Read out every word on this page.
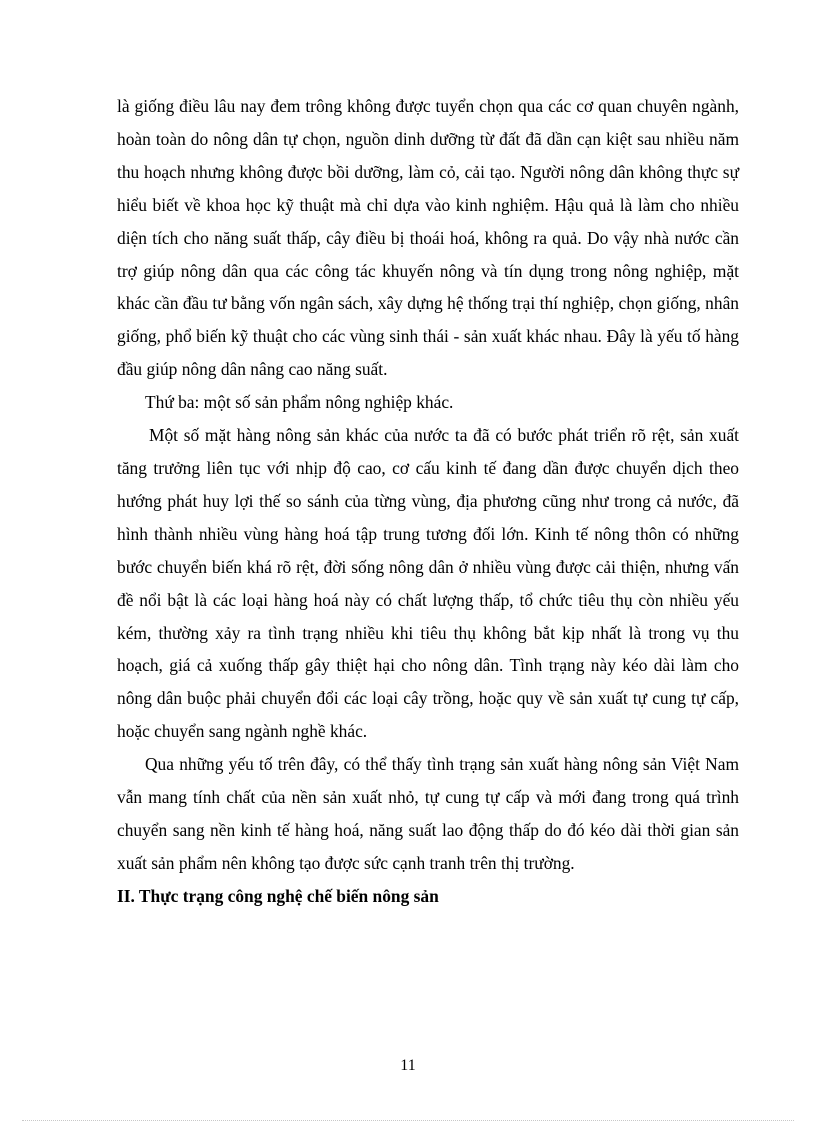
là giống điều lâu nay đem trông không được tuyển chọn qua các cơ quan chuyên ngành, hoàn toàn do nông dân tự chọn, nguồn dinh dưỡng từ đất đã dần cạn kiệt sau nhiều năm thu hoạch nhưng không được bồi dưỡng, làm cỏ, cải tạo. Người nông dân không thực sự hiểu biết về khoa học kỹ thuật mà chỉ dựa vào kinh nghiệm. Hậu quả là làm cho nhiều diện tích cho năng suất thấp, cây điều bị thoái hoá, không ra quả. Do vậy nhà nước cần trợ giúp nông dân qua các công tác khuyến nông và tín dụng trong nông nghiệp, mặt khác cần đầu tư bằng vốn ngân sách, xây dựng hệ thống trại thí nghiệp, chọn giống, nhân giống, phổ biến kỹ thuật cho các vùng sinh thái - sản xuất khác nhau. Đây là yếu tố hàng đầu giúp nông dân nâng cao năng suất.

Thứ ba: một số sản phẩm nông nghiệp khác.

Một số mặt hàng nông sản khác của nước ta đã có bước phát triển rõ rệt, sản xuất tăng trưởng liên tục với nhịp độ cao, cơ cấu kinh tế đang dần được chuyển dịch theo hướng phát huy lợi thế so sánh của từng vùng, địa phương cũng như trong cả nước, đã hình thành nhiều vùng hàng hoá tập trung tương đối lớn. Kinh tế nông thôn có những bước chuyển biến khá rõ rệt, đời sống nông dân ở nhiều vùng được cải thiện, nhưng vấn đề nổi bật là các loại hàng hoá này có chất lượng thấp, tổ chức tiêu thụ còn nhiều yếu kém, thường xảy ra tình trạng nhiều khi tiêu thụ không bắt kịp nhất là trong vụ thu hoạch, giá cả xuống thấp gây thiệt hại cho nông dân. Tình trạng này kéo dài làm cho nông dân buộc phải chuyển đổi các loại cây trồng, hoặc quy về sản xuất tự cung tự cấp, hoặc chuyển sang ngành nghề khác.

Qua những yếu tố trên đây, có thể thấy tình trạng sản xuất hàng nông sản Việt Nam vẫn mang tính chất của nền sản xuất nhỏ, tự cung tự cấp và mới đang trong quá trình chuyển sang nền kinh tế hàng hoá, năng suất lao động thấp do đó kéo dài thời gian sản xuất sản phẩm nên không tạo được sức cạnh tranh trên thị trường.

II. Thực trạng công nghệ chế biến nông sản

11
